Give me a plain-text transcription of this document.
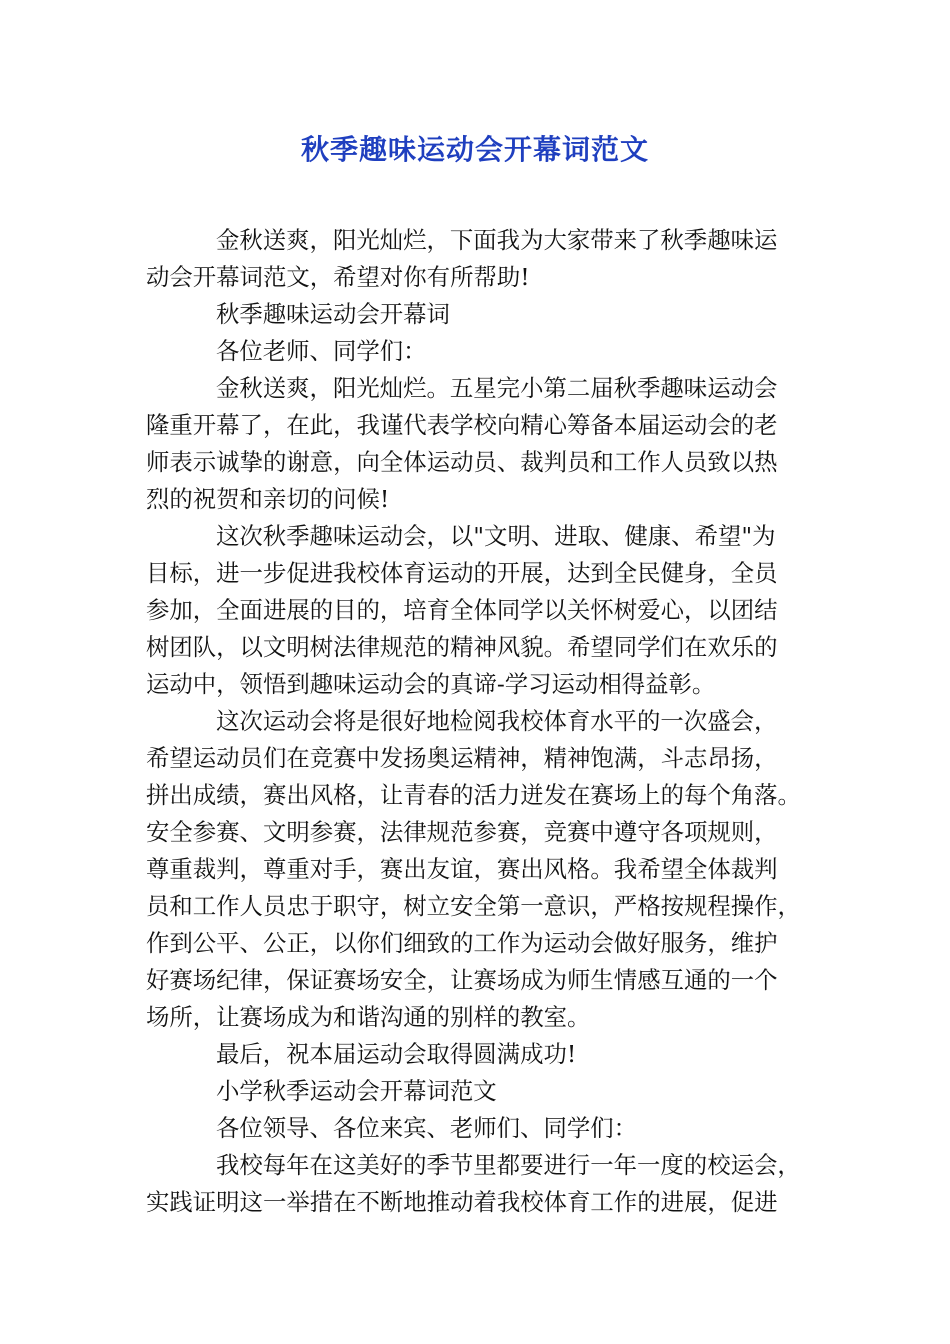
秋季趣味运动会开幕词范文
金秋送爽，阳光灿烂，下面我为大家带来了秋季趣味运
动会开幕词范文，希望对你有所帮助!
秋季趣味运动会开幕词
各位老师、同学们：
金秋送爽，阳光灿烂。五星完小第二届秋季趣味运动会
隆重开幕了，在此，我谨代表学校向精心筹备本届运动会的老
师表示诚挚的谢意，向全体运动员、裁判员和工作人员致以热
烈的祝贺和亲切的问候!
这次秋季趣味运动会，以"文明、进取、健康、希望"为
目标，进一步促进我校体育运动的开展，达到全民健身，全员
参加，全面进展的目的，培育全体同学以关怀树爱心，以团结
树团队，以文明树法律规范的精神风貌。希望同学们在欢乐的
运动中，领悟到趣味运动会的真谛-学习运动相得益彰。
这次运动会将是很好地检阅我校体育水平的一次盛会，
希望运动员们在竞赛中发扬奥运精神，精神饱满，斗志昂扬，
拼出成绩，赛出风格，让青春的活力迸发在赛场上的每个角落。
安全参赛、文明参赛，法律规范参赛，竞赛中遵守各项规则，
尊重裁判，尊重对手，赛出友谊，赛出风格。我希望全体裁判
员和工作人员忠于职守，树立安全第一意识，严格按规程操作，
作到公平、公正，以你们细致的工作为运动会做好服务，维护
好赛场纪律，保证赛场安全，让赛场成为师生情感互通的一个
场所，让赛场成为和谐沟通的别样的教室。
最后，祝本届运动会取得圆满成功!
小学秋季运动会开幕词范文
各位领导、各位来宾、老师们、同学们：
我校每年在这美好的季节里都要进行一年一度的校运会，
实践证明这一举措在不断地推动着我校体育工作的进展，促进
